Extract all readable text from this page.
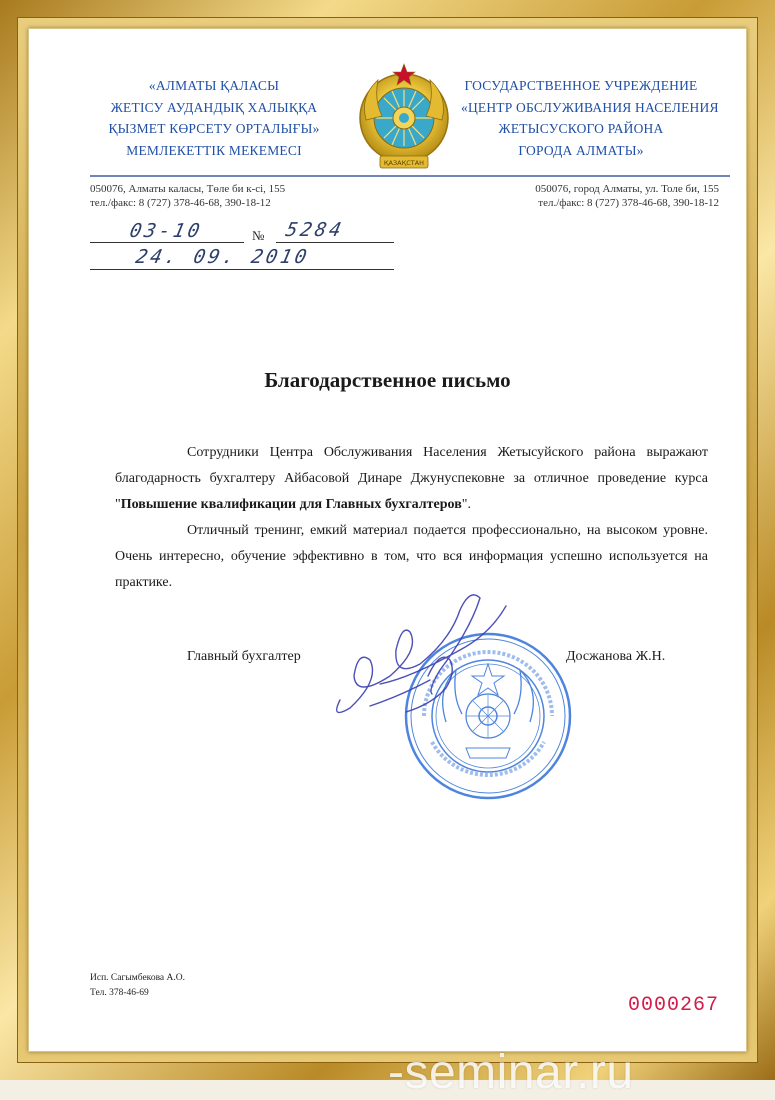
«АЛМАТЫ ҚАЛАСЫ
ЖЕТІСУ АУДАНДЫҚ ХАЛЫҚҚА
ҚЫЗМЕТ КӨРСЕТУ ОРТАЛЫҒЫ»
МЕМЛЕКЕТТІК МЕКЕМЕСІ
ҚАЗАҚСТАН
ГОСУДАРСТВЕННОЕ УЧРЕЖДЕНИЕ
«ЦЕНТР ОБСЛУЖИВАНИЯ НАСЕЛЕНИЯ
ЖЕТЫСУСКОГО РАЙОНА
ГОРОДА АЛМАТЫ»
050076, Алматы каласы, Төле би к-сі, 155
тел./факс: 8 (727) 378-46-68, 390-18-12
050076, город Алматы, ул. Толе би, 155
тел./факс: 8 (727) 378-46-68, 390-18-12
03-10	№ 5284
24. 09. 2010
Благодарственное письмо

Сотрудники Центра Обслуживания Населения Жетысуйского района выражают благодарность бухгалтеру Айбасовой Динаре Джунуспековне за отличное проведение курса "Повышение квалификации для Главных бухгалтеров".

Отличный тренинг, емкий материал подается профессионально, на высоком уровне. Очень интересно, обучение эффективно в том, что вся информация успешно используется на практике.

Главный бухгалтер	Досжанова Ж.Н.
Исп. Сагымбекова А.О.
Тел. 378-46-69
0000267
-seminar.ru
